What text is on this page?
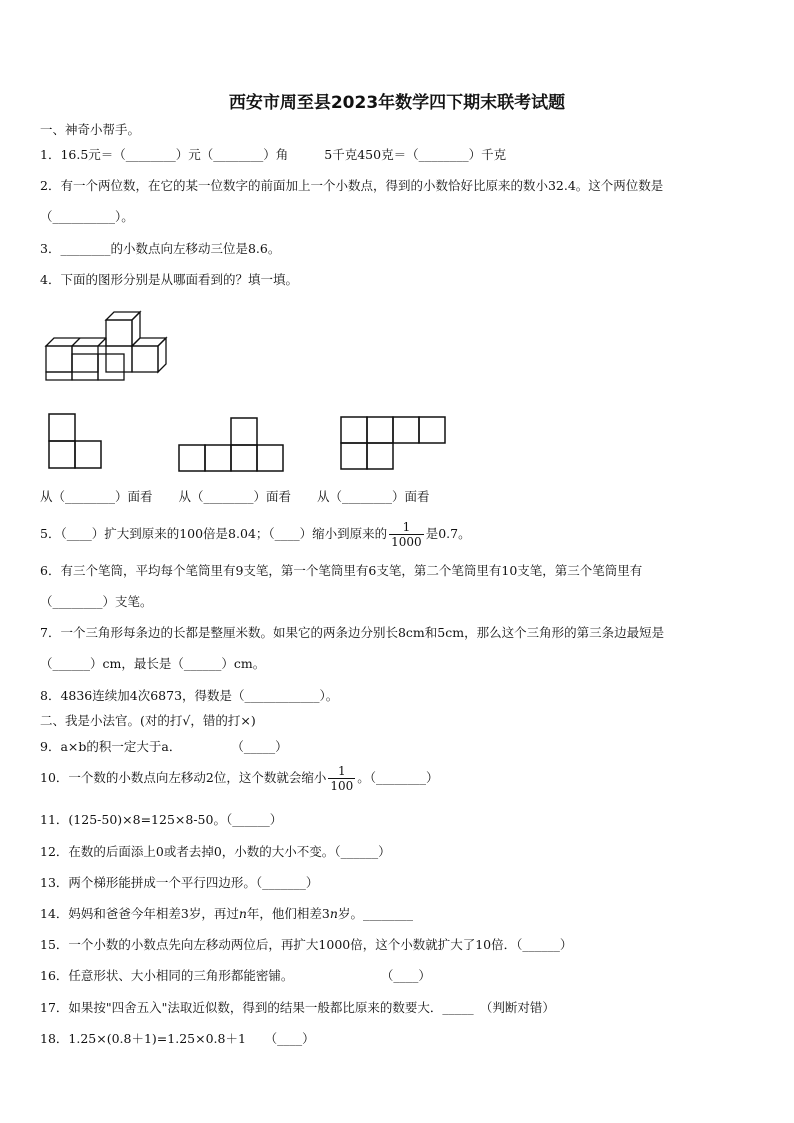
西安市周至县2023年数学四下期末联考试题
一、神奇小帮手。
1．16.5元＝（________）元（________）角	5千克450克＝（________）千克
2．有一个两位数，在它的某一位数字的前面加上一个小数点，得到的小数恰好比原来的数小32.4。这个两位数是
（__________）。
3．________的小数点向左移动三位是8.6。
4．下面的图形分别是从哪面看到的？填一填。
从（________）面看 从（________）面看 从（________）面看
5．（____）扩大到原来的100倍是8.04；（____）缩小到原来的 $\frac{1}{1000}$ 是0.7。
6．有三个笔筒，平均每个笔筒里有9支笔，第一个笔筒里有6支笔，第二个笔筒里有10支笔，第三个笔筒里有
（________）支笔。
7．一个三角形每条边的长都是整厘米数。如果它的两条边分别长8cm和5cm，那么这个三角形的第三条边最短是
（______）cm，最长是（______）cm。
8．4836连续加4次6873，得数是（____________）。
二、我是小法官。(对的打√，错的打×)
9．a×b的积一定大于a．　　　　　（_____）
10．一个数的小数点向左移动2位，这个数就会缩小 $\frac{1}{100}$ 。（________）
11．(125-50)×8=125×8-50。（______）
12．在数的后面添上0或者去掉0，小数的大小不变。（______）
13．两个梯形能拼成一个平行四边形。（_______）
14．妈妈和爸爸今年相差3岁，再过n年，他们相差3n岁。________
15．一个小数的小数点先向左移动两位后，再扩大1000倍，这个小数就扩大了10倍．（______）
16．任意形状、大小相同的三角形都能密铺。　　　　　　　　（____）
17．如果按"四舍五入"法取近似数，得到的结果一般都比原来的数要大．_____　（判断对错）
18．1.25×(0.8＋1)=1.25×0.8＋1　　（____）
